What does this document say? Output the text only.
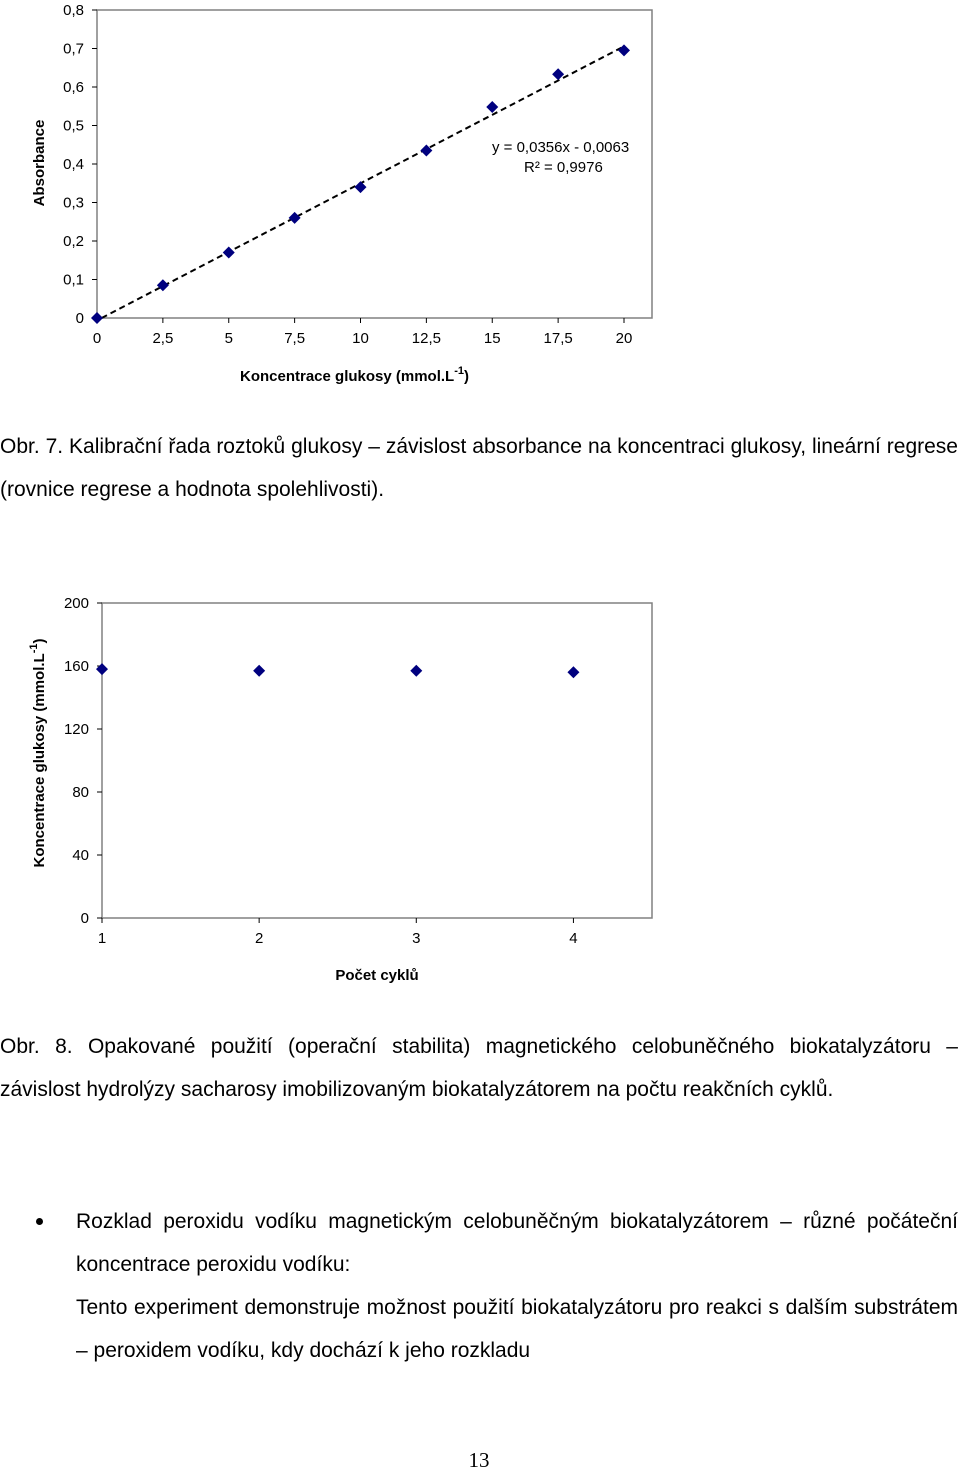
0
0,1
0,2
0,3
0,4
0,5
0,6
0,7
0,8
0	2,5	5	7,5	10	12,5	15	17,5	20
y = 0,0356x - 0,0063
R² = 0,9976
Koncentrace glukosy $(mmol.L^{-1})$
Absorbance
Obr. 7. Kalibrační řada roztoků glukosy – závislost absorbance na koncentraci glukosy, lineární regrese (rovnice regrese a hodnota spolehlivosti).
0
40
80
120
160
200
1	2	3	4
Počet cyklů
Koncentrace glukosy $(mmol.L^{-1})$
Obr. 8. Opakované použití (operační stabilita) magnetického celobuněčného biokatalyzátoru – závislost hydrolýzy sacharosy imobilizovaným biokatalyzátorem na počtu reakčních cyklů.

Rozklad peroxidu vodíku magnetickým celobuněčným biokatalyzátorem – různé počáteční koncentrace peroxidu vodíku:

Tento experiment demonstruje možnost použití biokatalyzátoru pro reakci s dalším substrátem – peroxidem vodíku, kdy dochází k jeho rozkladu

13
